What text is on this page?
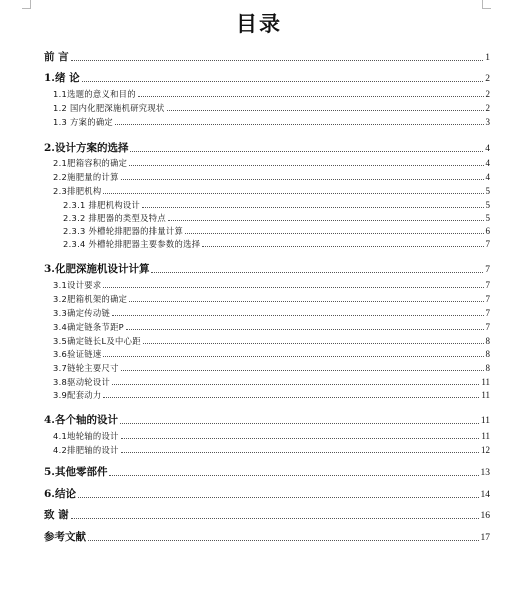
目录
前 言	1
1.绪 论	2
1.1选题的意义和目的	2
1.2 国内化肥深施机研究现状	2
1.3 方案的确定	3
2.设计方案的选择	4
2.1肥箱容积的确定	4
2.2施肥量的计算	4
2.3排肥机构	5
2.3.1 排肥机构设计	5
2.3.2 排肥器的类型及特点	5
2.3.3 外槽轮排肥器的排量计算	6
2.3.4 外槽轮排肥器主要参数的选择	7
3.化肥深施机设计计算	7
3.1设计要求	7
3.2肥箱机架的确定	7
3.3确定传动链	7
3.4确定链条节距P	7
3.5确定链长L及中心距	8
3.6验证链速	8
3.7链轮主要尺寸	8
3.8驱动轮设计	11
3.9配套动力	11
4.各个轴的设计	11
4.1地轮轴的设计	11
4.2排肥轴的设计	12
5.其他零部件	13
6.结论	14
致 谢	16
参考文献	17
